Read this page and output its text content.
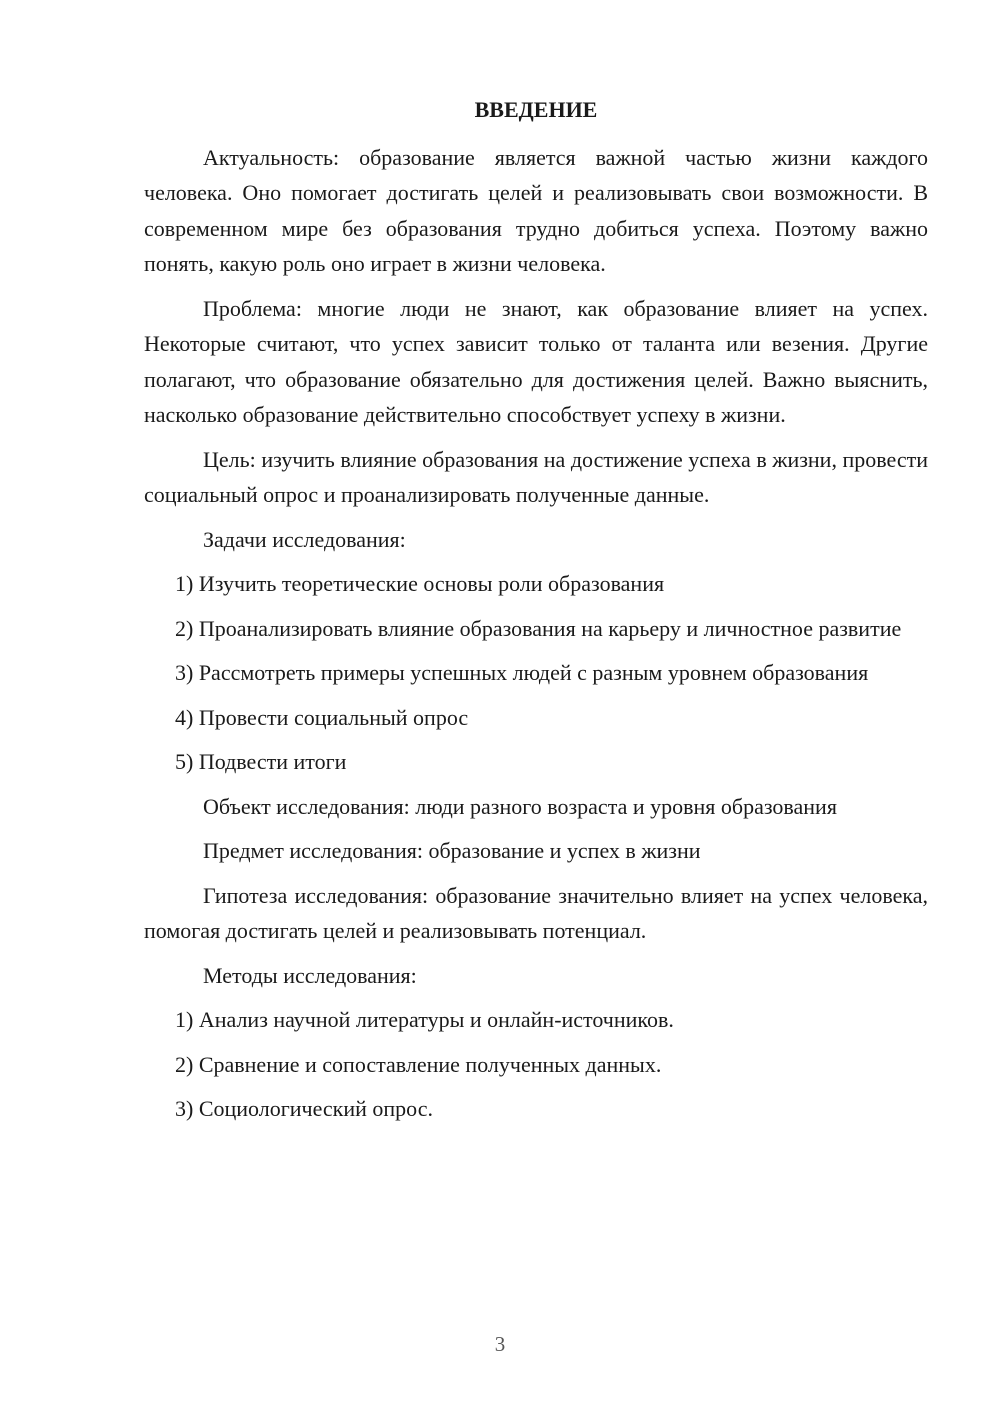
ВВЕДЕНИЕ

Актуальность: образование является важной частью жизни каждого человека. Оно помогает достигать целей и реализовывать свои возможности. В современном мире без образования трудно добиться успеха. Поэтому важно понять, какую роль оно играет в жизни человека.

Проблема: многие люди не знают, как образование влияет на успех. Некоторые считают, что успех зависит только от таланта или везения. Другие полагают, что образование обязательно для достижения целей. Важно выяснить, насколько образование действительно способствует успеху в жизни.

Цель: изучить влияние образования на достижение успеха в жизни, провести социальный опрос и проанализировать полученные данные.

Задачи исследования:

1) Изучить теоретические основы роли образования

2) Проанализировать влияние образования на карьеру и личностное развитие

3) Рассмотреть примеры успешных людей с разным уровнем образования

4) Провести социальный опрос

5) Подвести итоги

Объект исследования: люди разного возраста и уровня образования

Предмет исследования: образование и успех в жизни

Гипотеза исследования: образование значительно влияет на успех человека, помогая достигать целей и реализовывать потенциал.

Методы исследования:

1) Анализ научной литературы и онлайн-источников.

2) Сравнение и сопоставление полученных данных.

3) Социологический опрос.

3
